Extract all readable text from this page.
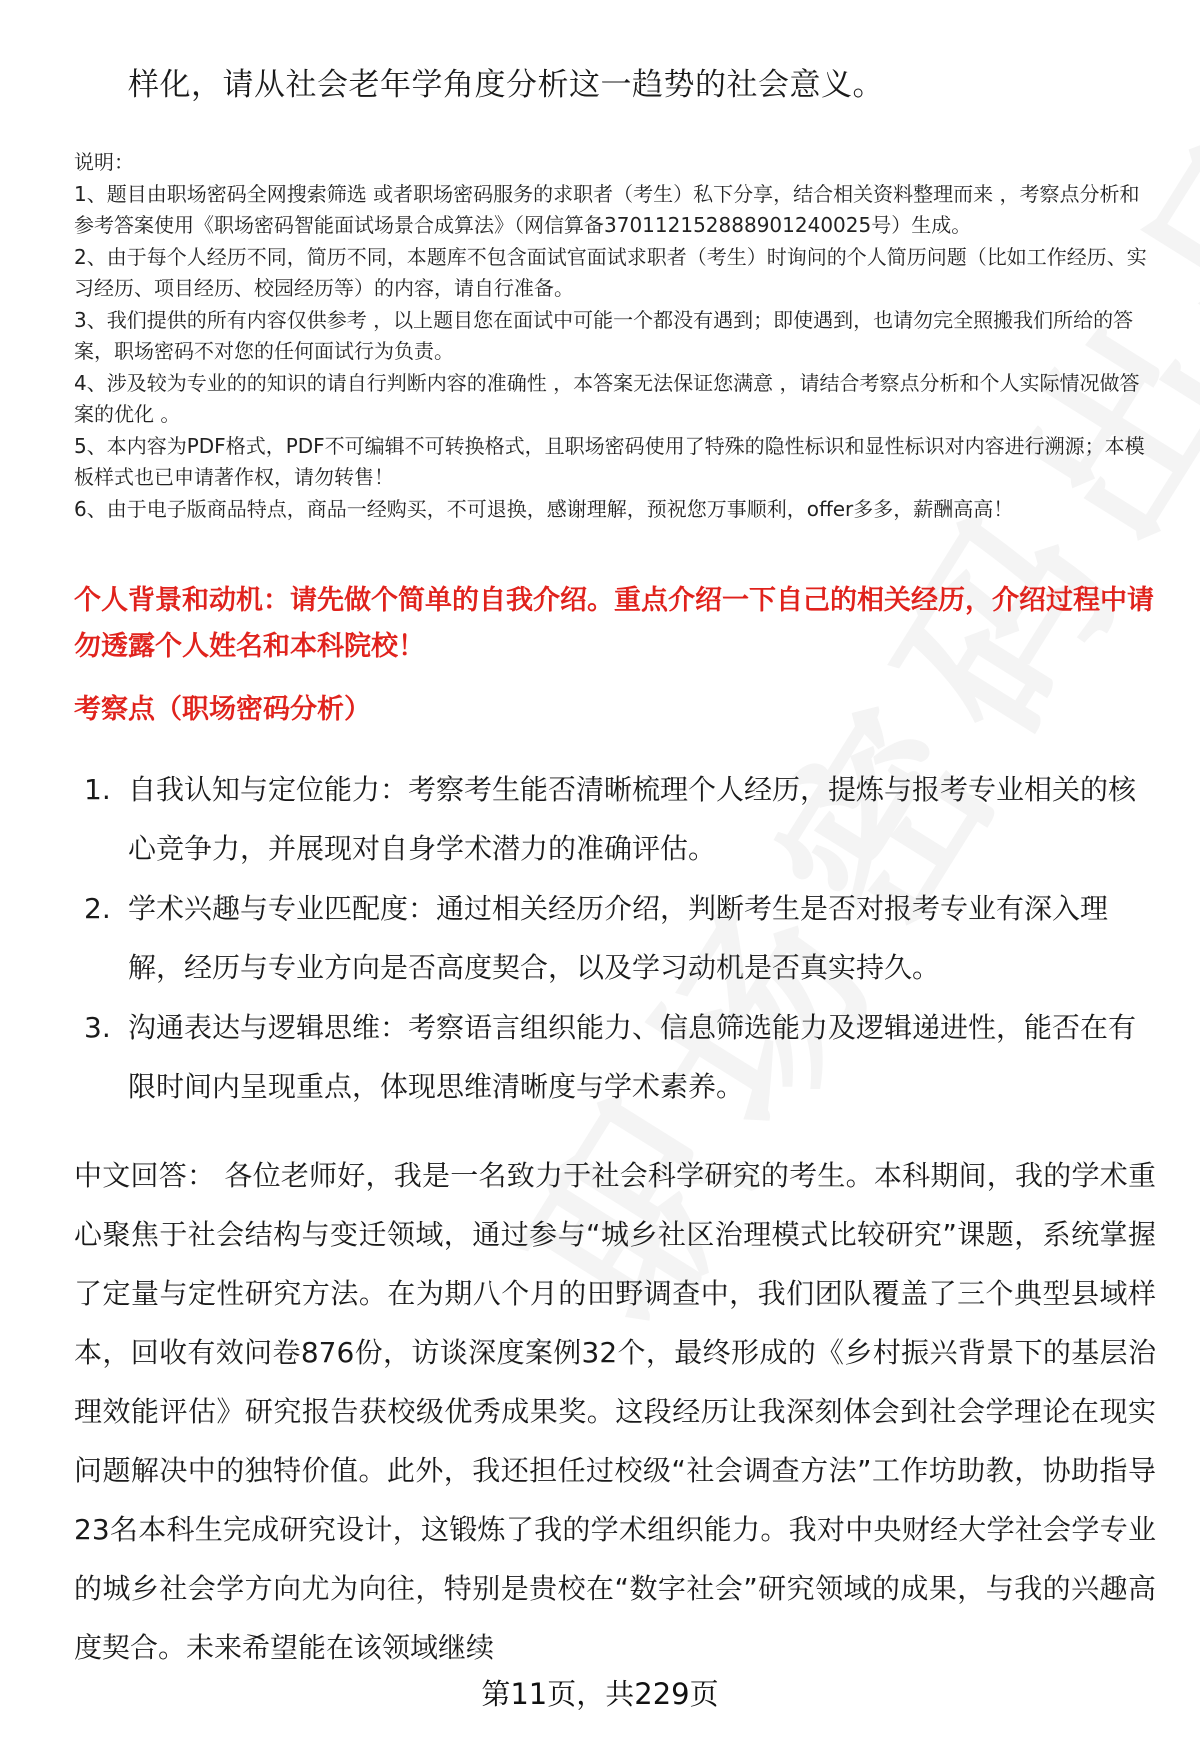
样化，请从社会老年学角度分析这一趋势的社会意义。

说明：

1、题目由职场密码全网搜索筛选 或者职场密码服务的求职者（考生）私下分享，结合相关资料整理而来 ，考察点分析和参考答案使用《职场密码智能面试场景合成算法》（网信算备370112152888901240025号）生成。

2、由于每个人经历不同，简历不同，本题库不包含面试官面试求职者（考生）时询问的个人简历问题（比如工作经历、实习经历、项目经历、校园经历等）的内容，请自行准备。

3、我们提供的所有内容仅供参考 ，以上题目您在面试中可能一个都没有遇到；即使遇到，也请勿完全照搬我们所给的答案，职场密码不对您的任何面试行为负责。

4、涉及较为专业的的知识的请自行判断内容的准确性 ，本答案无法保证您满意 ，请结合考察点分析和个人实际情况做答案的优化 。

5、本内容为PDF格式，PDF不可编辑不可转换格式，且职场密码使用了特殊的隐性标识和显性标识对内容进行溯源；本模板样式也已申请著作权，请勿转售！

6、由于电子版商品特点，商品一经购买，不可退换，感谢理解，预祝您万事顺利，offer多多，薪酬高高！

个人背景和动机：请先做个简单的自我介绍。重点介绍一下自己的相关经历，介绍过程中请勿透露个人姓名和本科院校！
考察点（职场密码分析）
1. 自我认知与定位能力：考察考生能否清晰梳理个人经历，提炼与报考专业相关的核心竞争力，并展现对自身学术潜力的准确评估。
2. 学术兴趣与专业匹配度：通过相关经历介绍，判断考生是否对报考专业有深入理解，经历与专业方向是否高度契合，以及学习动机是否真实持久。
3. 沟通表达与逻辑思维：考察语言组织能力、信息筛选能力及逻辑递进性，能否在有限时间内呈现重点，体现思维清晰度与学术素养。

中文回答： 各位老师好，我是一名致力于社会科学研究的考生。本科期间，我的学术重心聚焦于社会结构与变迁领域，通过参与“城乡社区治理模式比较研究”课题，系统掌握了定量与定性研究方法。在为期八个月的田野调查中，我们团队覆盖了三个典型县域样本，回收有效问卷876份，访谈深度案例32个，最终形成的《乡村振兴背景下的基层治理效能评估》研究报告获校级优秀成果奖。这段经历让我深刻体会到社会学理论在现实问题解决中的独特价值。此外，我还担任过校级“社会调查方法”工作坊助教，协助指导23名本科生完成研究设计，这锻炼了我的学术组织能力。我对中央财经大学社会学专业的城乡社会学方向尤为向往，特别是贵校在“数字社会”研究领域的成果，与我的兴趣高度契合。未来希望能在该领域继续

第11页，共229页
